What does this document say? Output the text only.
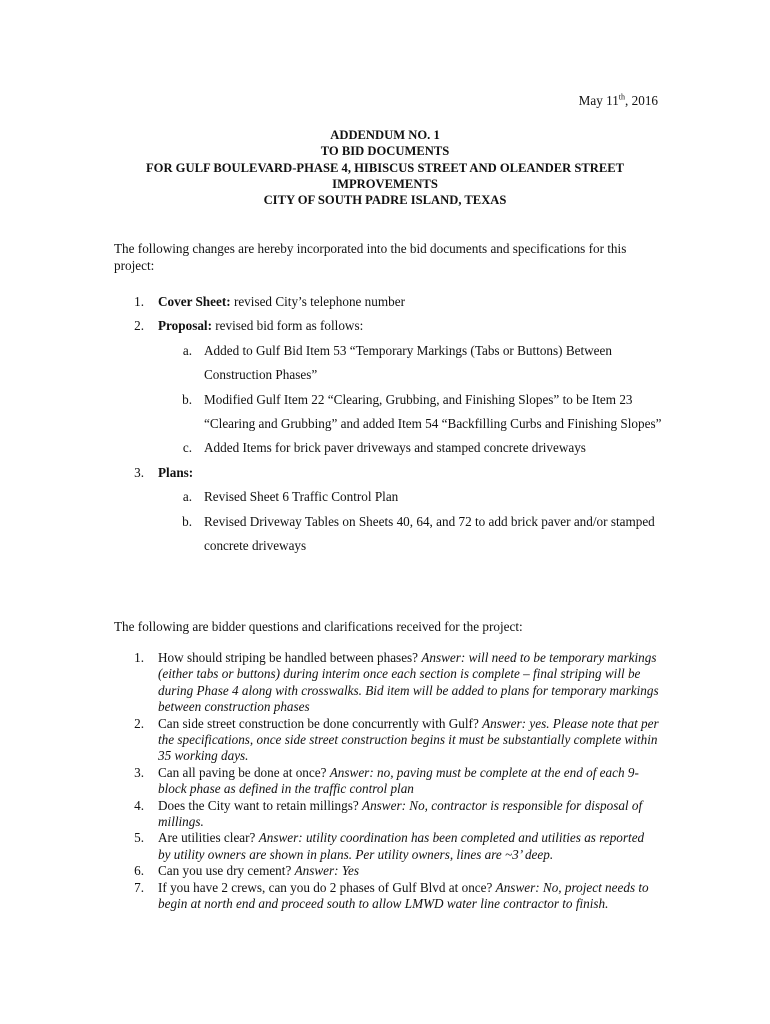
May 11th, 2016
ADDENDUM NO. 1
TO BID DOCUMENTS
FOR GULF BOULEVARD-PHASE 4, HIBISCUS STREET AND OLEANDER STREET
IMPROVEMENTS
CITY OF SOUTH PADRE ISLAND, TEXAS
The following changes are hereby incorporated into the bid documents and specifications for this project:
1.	Cover Sheet: revised City’s telephone number
2.	Proposal: revised bid form as follows:
a. Added to Gulf Bid Item 53 “Temporary Markings (Tabs or Buttons) Between Construction Phases”
b. Modified Gulf Item 22 “Clearing, Grubbing, and Finishing Slopes” to be Item 23 “Clearing and Grubbing” and added Item 54 “Backfilling Curbs and Finishing Slopes”
c. Added Items for brick paver driveways and stamped concrete driveways
3.	Plans:
a. Revised Sheet 6 Traffic Control Plan
b. Revised Driveway Tables on Sheets 40, 64, and 72 to add brick paver and/or stamped concrete driveways
The following are bidder questions and clarifications received for the project:
1.	How should striping be handled between phases? Answer: will need to be temporary markings (either tabs or buttons) during interim once each section is complete – final striping will be during Phase 4 along with crosswalks. Bid item will be added to plans for temporary markings between construction phases
2.	Can side street construction be done concurrently with Gulf? Answer: yes. Please note that per the specifications, once side street construction begins it must be substantially complete within 35 working days.
3.	Can all paving be done at once? Answer: no, paving must be complete at the end of each 9-block phase as defined in the traffic control plan
4.	Does the City want to retain millings? Answer: No, contractor is responsible for disposal of millings.
5.	Are utilities clear? Answer: utility coordination has been completed and utilities as reported by utility owners are shown in plans. Per utility owners, lines are ~3’ deep.
6.	Can you use dry cement? Answer: Yes
7.	If you have 2 crews, can you do 2 phases of Gulf Blvd at once? Answer: No, project needs to begin at north end and proceed south to allow LMWD water line contractor to finish.
